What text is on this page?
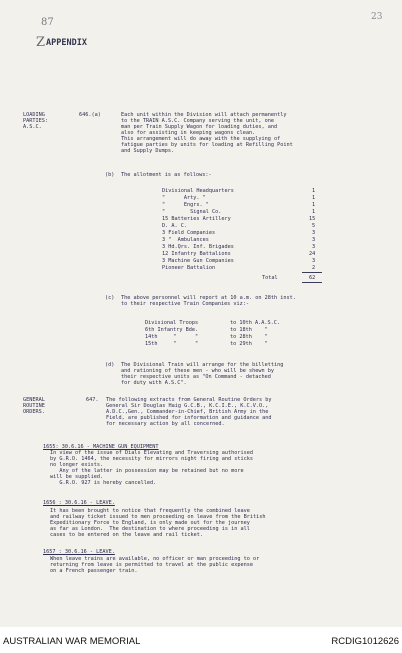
87	23
Z APPENDIX
LOADING
PARTIES:
A.S.C.
646.(a)	Each unit within the Division will attach permanently
to the TRAIN A.S.C. Company serving the unit, one
man per Train Supply Wagon for loading duties, and
also for assisting in keeping wagons clean.
This arrangement will do away with the supplying of
fatigue parties by units for loading at Refilling Point
and Supply Dumps.
(b) The allotment is as follows:-
Divisional Headquarters	1
"      Arty. "	1
"      Engrs. "	1
"        Signal Co.	1
15 Batteries Artillery	15
D. A. C.	5
3 Field Companies	3
3 "  Ambulances	3
3 Hd.Qrs. Inf. Brigades	3
12 Infantry Battalions	24
3 Machine Gun Companies	3
Pioneer Battalion	2
Total	62
(c) The above personnel will report at 10 a.m. on 28th inst.
to their respective Train Companies viz:-
Divisional Troops	to 10th A.A.S.C.
6th Infantry Bde.	to 18th    "
14th     "      "	to 28th    "
15th     "      "	to 29th    "
(d) The Divisional Train will arrange for the billetting
and rationing of these men - who will be shewn by
their respective units as "On Command - detached
for duty with A.S.C".
GENERAL
ROUTINE
ORDERS.
647. The following extracts from General Routine Orders by
General Sir Douglas Haig G.C.B., K.C.I.E., K.C.V.O.,
A.D.C.,Gen., Commander-in-Chief, British Army in the
Field, are published for information and guidance and
for necessary action by all concerned.
1655: 30.6.16 - MACHINE GUN EQUIPMENT
In view of the issue of Dials Elevating and Traversing authorised
by G.R.O. 1464, the necessity for mirrors night firing and sticks
no longer exists.
Any of the latter in possession may be retained but no more
will be supplied.
G.R.O. 927 is hereby cancelled.
1656 : 30.6.16 - LEAVE.
It has been brought to notice that frequently the combined leave
and railway ticket issued to men proceeding on leave from the British
Expeditionary Force to England, is only made out for the journey
as far as London.  The destination to where proceeding is in all
cases to be entered on the leave and rail ticket.
1657 : 30.6.16 - LEAVE.
When leave trains are available, no officer or man proceeding to or
returning from leave is permitted to travel at the public expense
on a French passenger train.
AUSTRALIAN WAR MEMORIAL	RCDIG1012626
